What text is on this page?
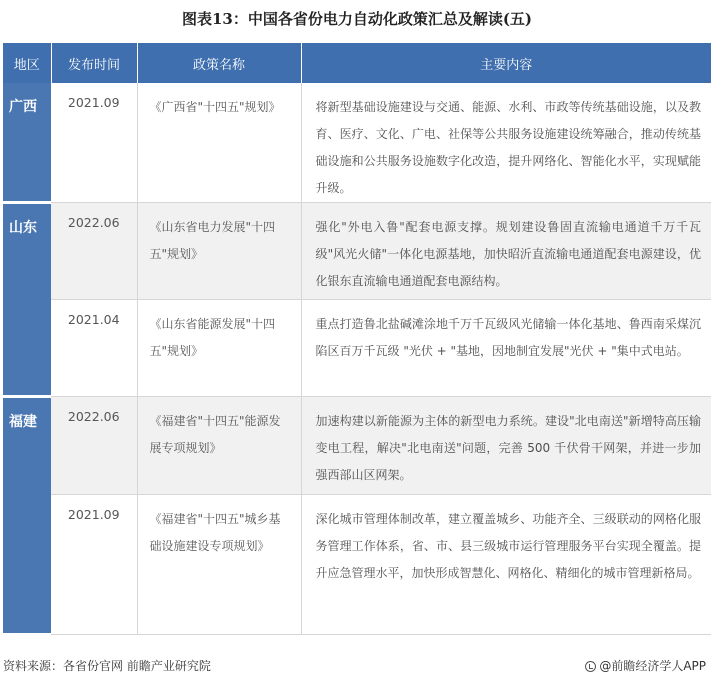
图表13：中国各省份电力自动化政策汇总及解读(五)
地区	发布时间	政策名称	主要内容
广西	2021.09	《广西省"十四五"规划》	将新型基础设施建设与交通、能源、水利、市政等传统基础设施，以及教育、医疗、文化、广电、社保等公共服务设施建设统筹融合，推动传统基础设施和公共服务设施数字化改造，提升网络化、智能化水平，实现赋能升级。
山东	2022.06	《山东省电力发展"十四五"规划》	强化"外电入鲁"配套电源支撑。规划建设鲁固直流输电通道千万千瓦级"风光火储"一体化电源基地，加快昭沂直流输电通道配套电源建设，优化银东直流输电通道配套电源结构。
	2021.04	《山东省能源发展"十四五"规划》	重点打造鲁北盐碱滩涂地千万千瓦级风光储输一体化基地、鲁西南采煤沉陷区百万千瓦级 "光伏 + "基地，因地制宜发展"光伏 + "集中式电站。
福建	2022.06	《福建省"十四五"能源发展专项规划》	加速构建以新能源为主体的新型电力系统。建设"北电南送"新增特高压输变电工程，解决"北电南送"问题，完善 500 千伏骨干网架，并进一步加强西部山区网架。
	2021.09	《福建省"十四五"城乡基础设施建设专项规划》	深化城市管理体制改革，建立覆盖城乡、功能齐全、三级联动的网格化服务管理工作体系，省、市、县三级城市运行管理服务平台实现全覆盖。提升应急管理水平，加快形成智慧化、网格化、精细化的城市管理新格局。
资料来源：各省份官网 前瞻产业研究院	@前瞻经济学人APP
